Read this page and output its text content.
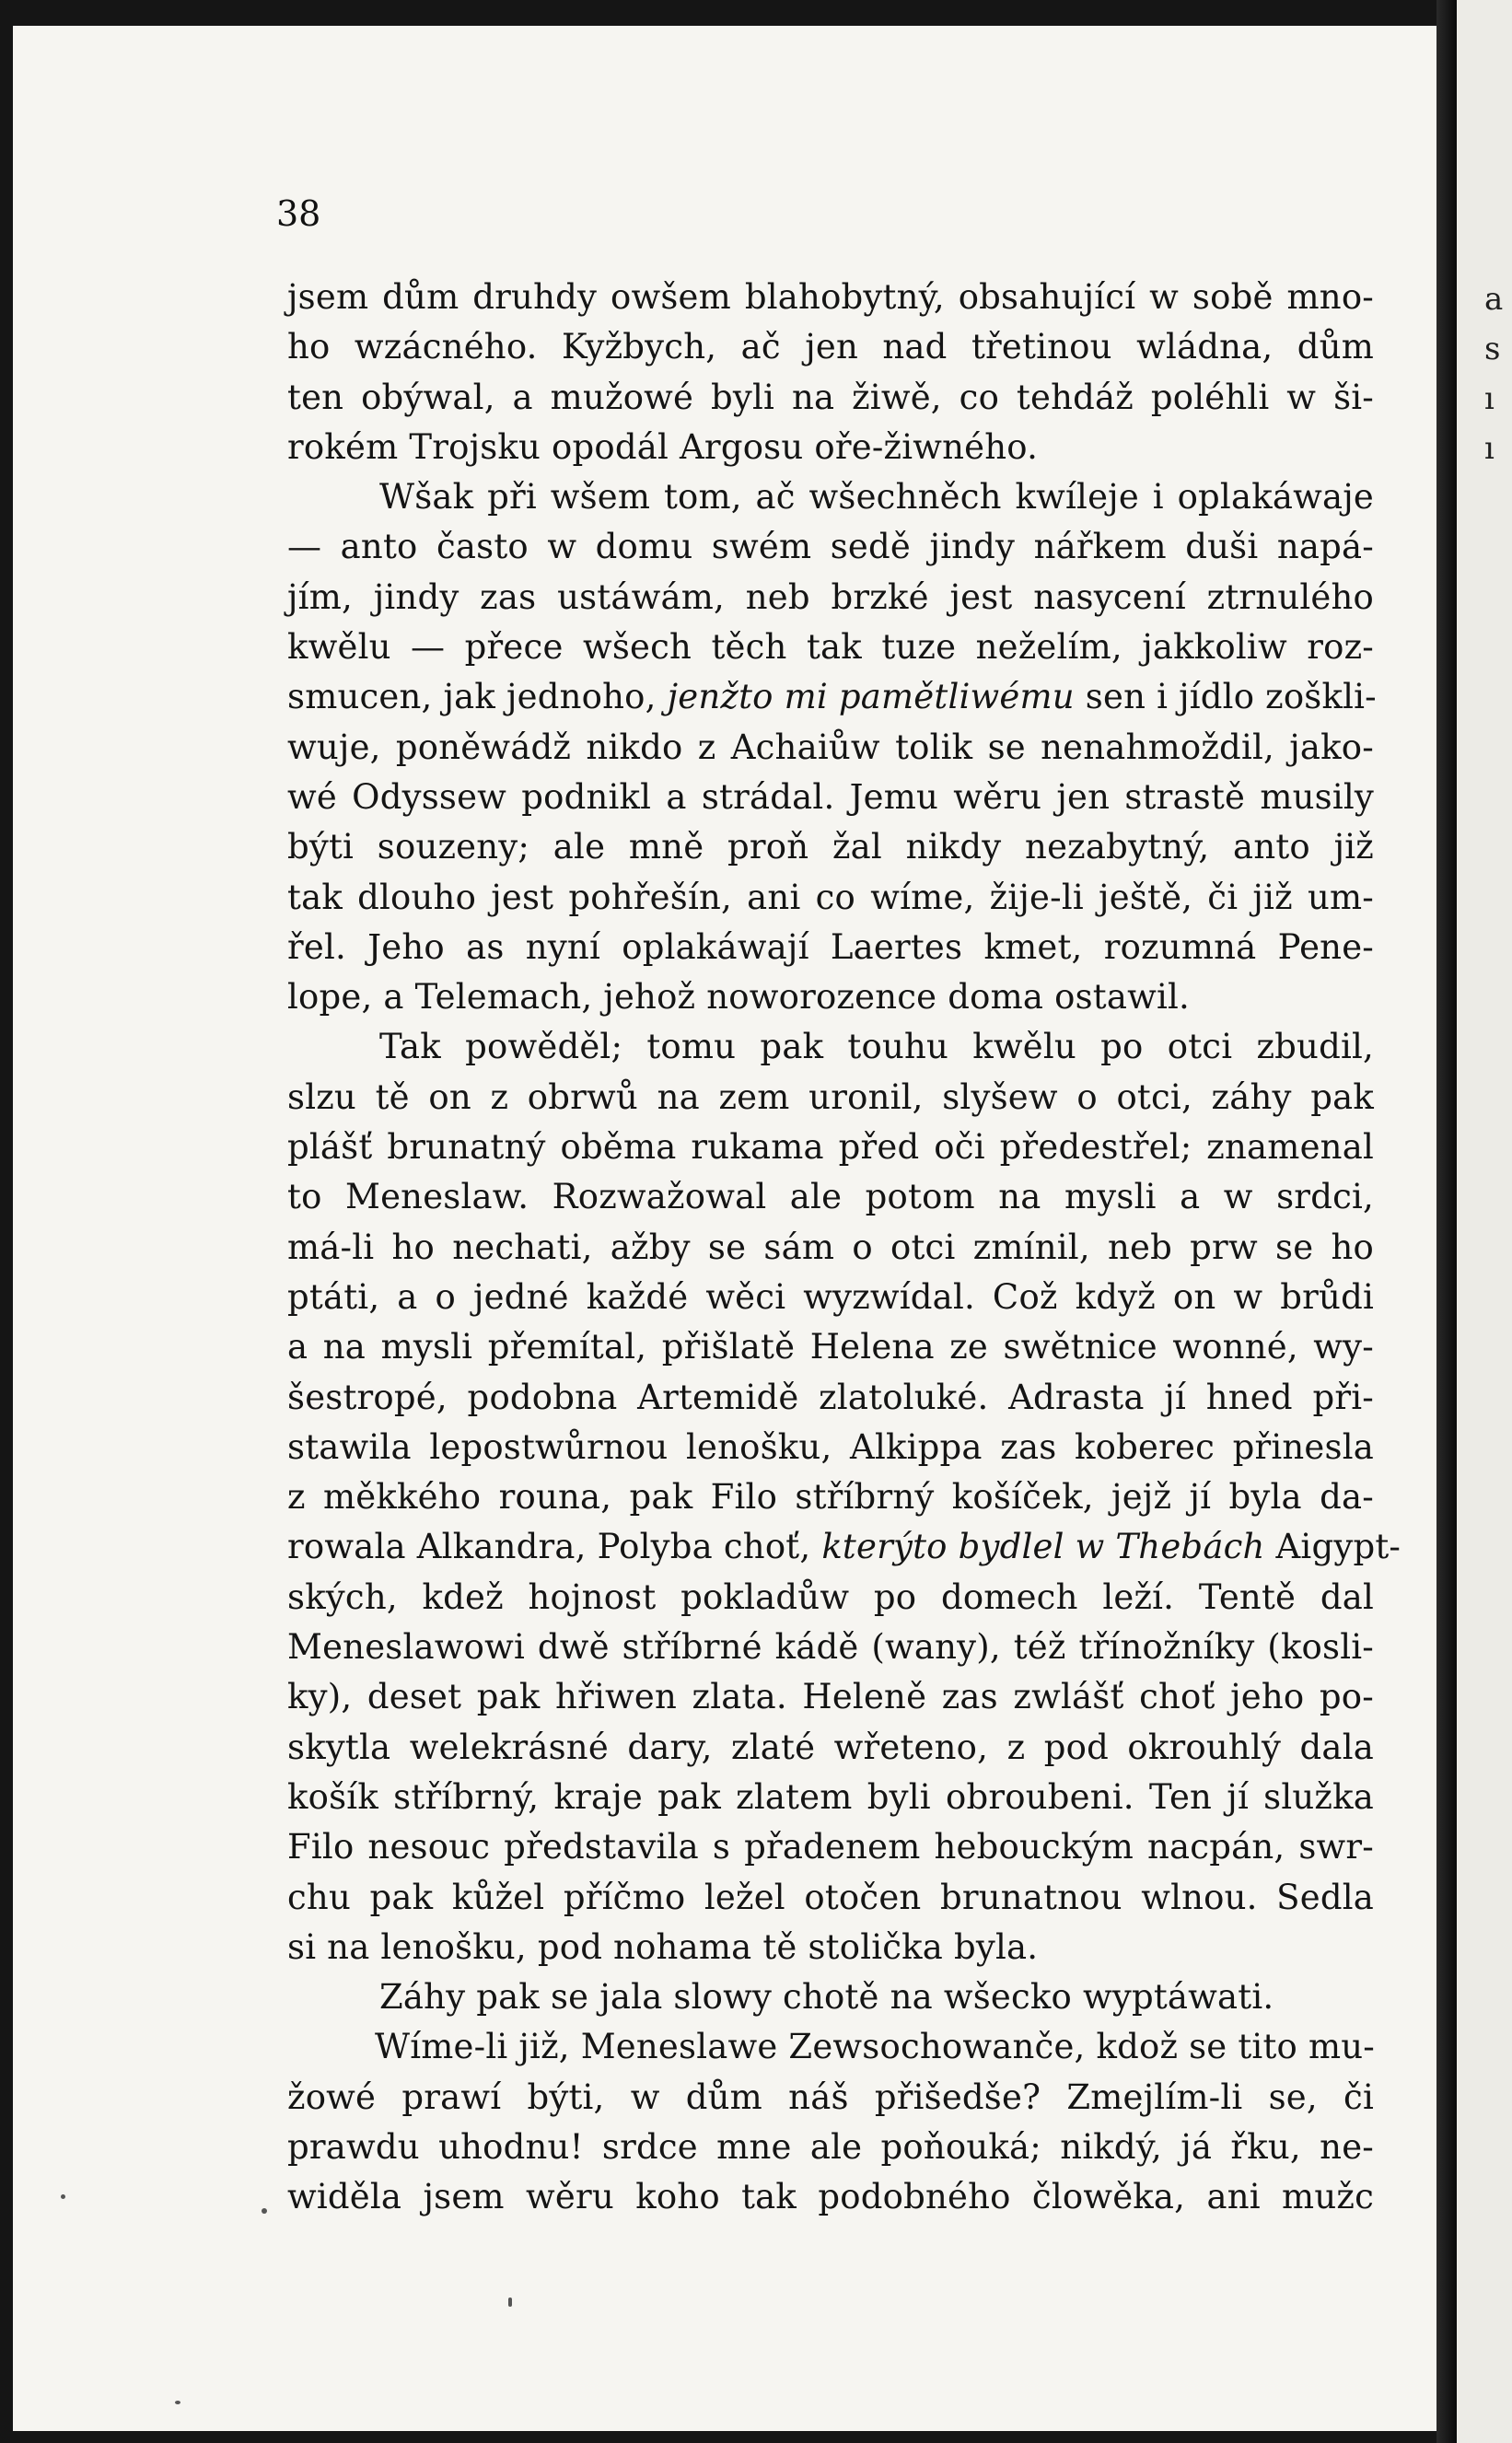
a
s
ı
ı
38
jsem dům druhdy owšem blahobytný, obsahující w sobě mno-
ho wzácného. Kyžbych, ač jen nad třetinou wládna, dům
ten obýwal, a mužowé byli na žiwě, co tehdáž poléhli w ši-
rokém Trojsku opodál Argosu oře-žiwného.
Wšak při wšem tom, ač wšechněch kwíleje i oplakáwaje
— anto často w domu swém sedě jindy nářkem duši napá-
jím, jindy zas ustáwám, neb brzké jest nasycení ztrnulého
kwělu — přece wšech těch tak tuze neželím, jakkoliw roz-
smucen, jak jednoho, jenžto mi pamětliwému sen i jídlo zoškli-
wuje, poněwádž nikdo z Achaiůw tolik se nenahmoždil, jako-
wé Odyssew podnikl a strádal. Jemu wěru jen strastě musily
býti souzeny; ale mně proň žal nikdy nezabytný, anto již
tak dlouho jest pohřešín, ani co wíme, žije-li ještě, či již um-
řel. Jeho as nyní oplakáwají Laertes kmet, rozumná Pene-
lope, a Telemach, jehož noworozence doma ostawil.
Tak powěděl; tomu pak touhu kwělu po otci zbudil,
slzu tě on z obrwů na zem uronil, slyšew o otci, záhy pak
plášť brunatný oběma rukama před oči předestřel; znamenal
to Meneslaw. Rozwažowal ale potom na mysli a w srdci,
má-li ho nechati, ažby se sám o otci zmínil, neb prw se ho
ptáti, a o jedné každé wěci wyzwídal. Což když on w brůdi
a na mysli přemítal, přišlatě Helena ze swětnice wonné, wy-
šestropé, podobna Artemidě zlatoluké. Adrasta jí hned při-
stawila lepostwůrnou lenošku, Alkippa zas koberec přinesla
z měkkého rouna, pak Filo stříbrný košíček, jejž jí byla da-
rowala Alkandra, Polyba choť, kterýto bydlel w Thebách Aigypt-
ských, kdež hojnost pokladůw po domech leží. Tentě dal
Meneslawowi dwě stříbrné kádě (wany), též třínožníky (kosli-
ky), deset pak hřiwen zlata. Heleně zas zwlášť choť jeho po-
skytla welekrásné dary, zlaté wřeteno, z pod okrouhlý dala
košík stříbrný, kraje pak zlatem byli obroubeni. Ten jí služka
Filo nesouc představila s přadenem hebouckým nacpán, swr-
chu pak kůžel příčmo ležel otočen brunatnou wlnou. Sedla
si na lenošku, pod nohama tě stolička byla.
Záhy pak se jala slowy chotě na wšecko wyptáwati.
Wíme-li již, Meneslawe Zewsochowanče, kdož se tito mu-
žowé prawí býti, w dům náš přišedše? Zmejlím-li se, či
prawdu uhodnu! srdce mne ale poňouká; nikdý, já řku, ne-
widěla jsem wěru koho tak podobného člowěka, ani mužc
